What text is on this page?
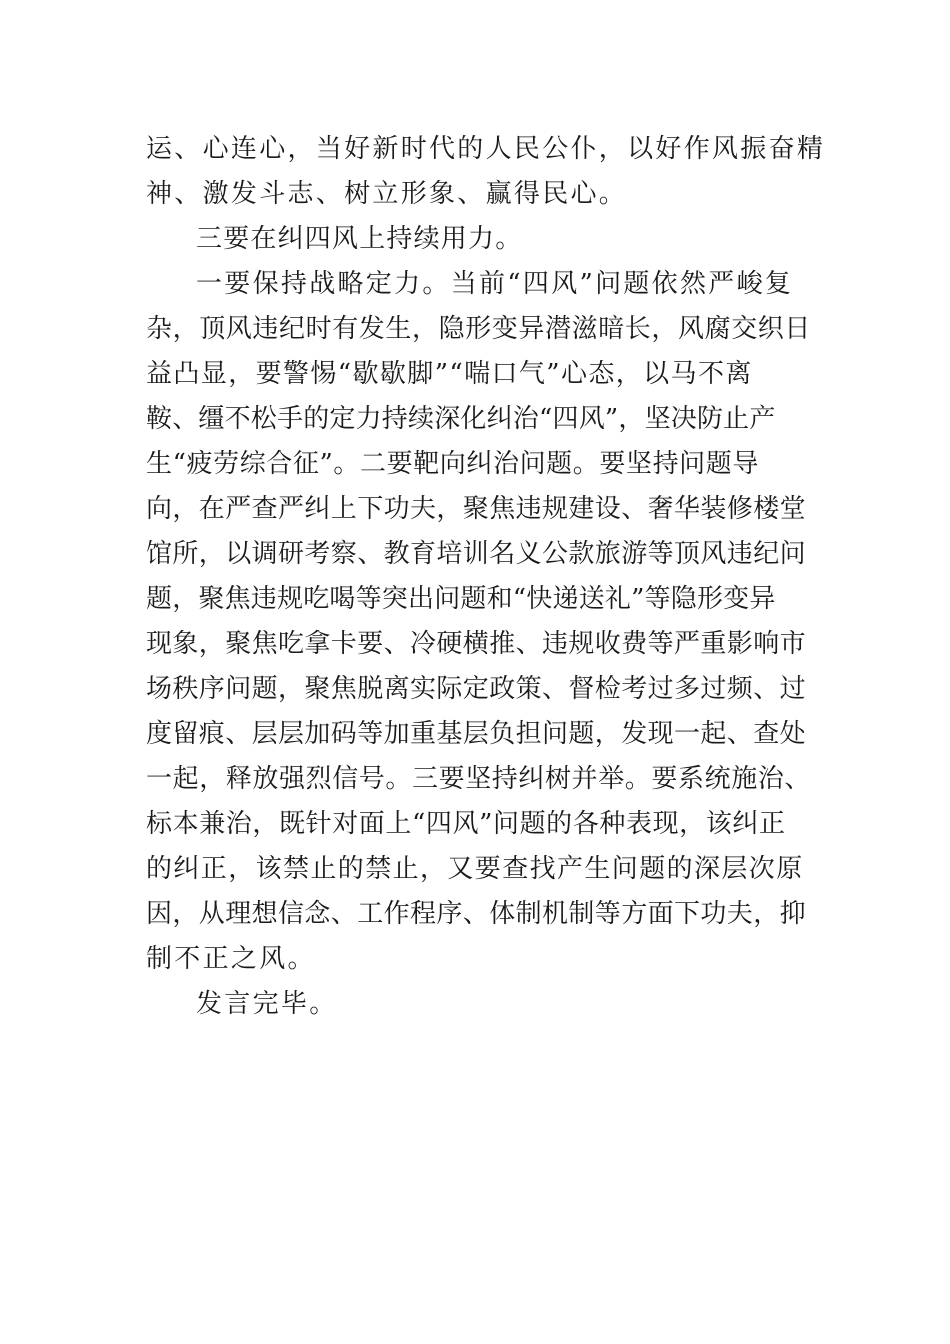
运、心连心，当好新时代的人民公仆，以好作风振奋精
神、激发斗志、树立形象、赢得民心。
三要在纠四风上持续用力。
一要保持战略定力。当前“四风”问题依然严峻复
杂，顶风违纪时有发生，隐形变异潜滋暗长，风腐交织日
益凸显，要警惕“歇歇脚”“喘口气”心态，以马不离
鞍、缰不松手的定力持续深化纠治“四风”，坚决防止产
生“疲劳综合征”。二要靶向纠治问题。要坚持问题导
向，在严查严纠上下功夫，聚焦违规建设、奢华装修楼堂
馆所，以调研考察、教育培训名义公款旅游等顶风违纪问
题，聚焦违规吃喝等突出问题和“快递送礼”等隐形变异
现象，聚焦吃拿卡要、冷硬横推、违规收费等严重影响市
场秩序问题，聚焦脱离实际定政策、督检考过多过频、过
度留痕、层层加码等加重基层负担问题，发现一起、查处
一起，释放强烈信号。三要坚持纠树并举。要系统施治、
标本兼治，既针对面上“四风”问题的各种表现，该纠正
的纠正，该禁止的禁止，又要查找产生问题的深层次原
因，从理想信念、工作程序、体制机制等方面下功夫，抑
制不正之风。
发言完毕。
